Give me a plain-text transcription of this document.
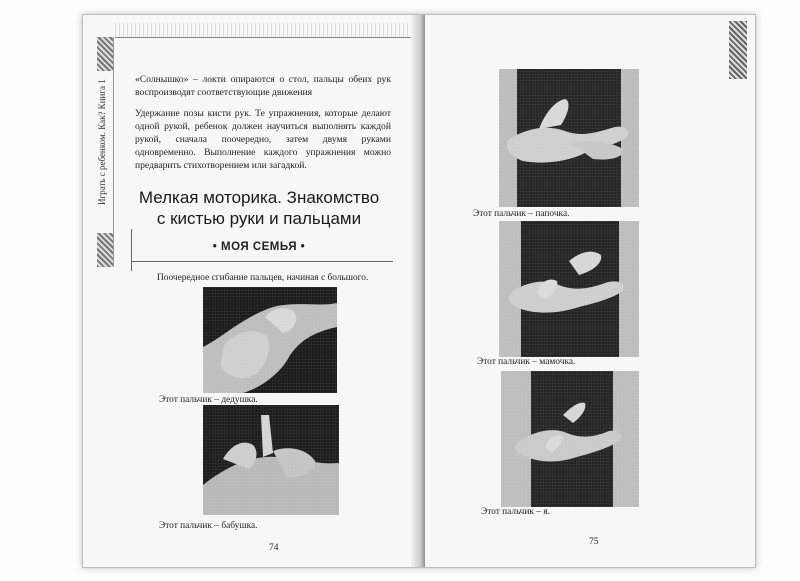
Играть с ребенком. Как? Книга 1	«Солнышко» – локти опираются о стол, пальцы обеих рук воспроизводят соответствующие движения
Удержание позы кисти рук. Те упражнения, которые делают одной рукой, ребенок должен научиться выполнять каждой рукой, сначала поочередно, затем двумя руками одновременно. Выполнение каждого упражнения можно предварить стихотворением или загадкой.
Мелкая моторика. Знакомство
с кистью руки и пальцами
• МОЯ СЕМЬЯ •
Поочередное сгибание пальцев, начиная с большого.
Этот пальчик – дедушка.
Этот пальчик – бабушка.
74
Этот пальчик – папочка.
Этот пальчик – мамочка.
Этот пальчик – я.
75
